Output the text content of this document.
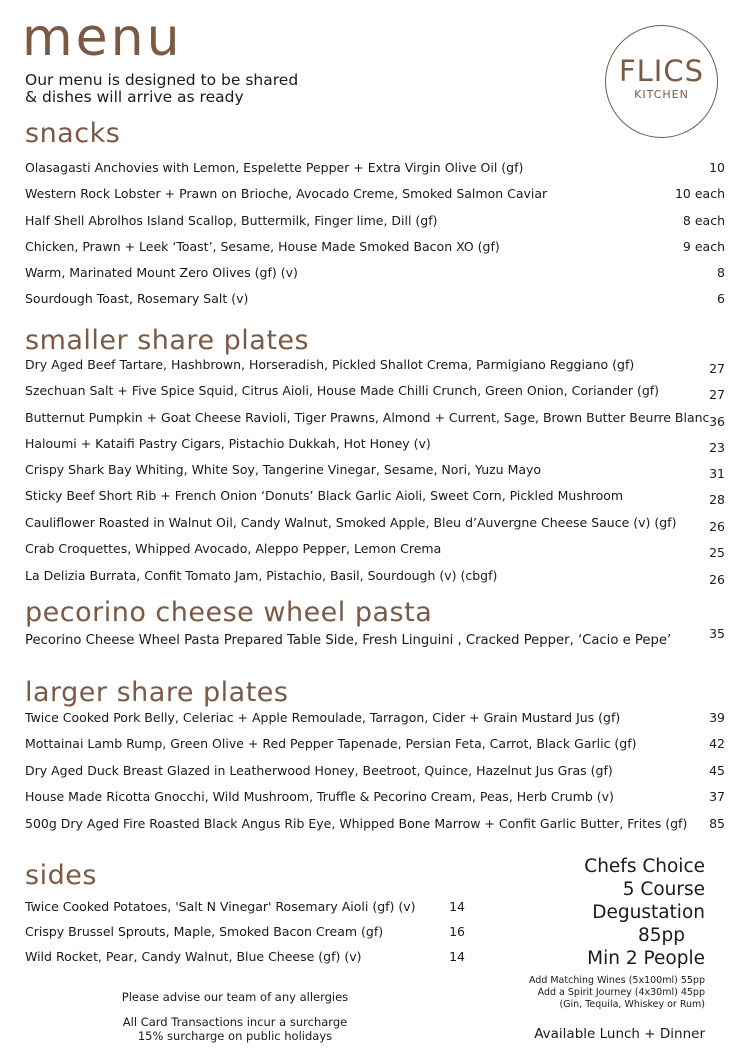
menu
Our menu is designed to be shared
& dishes will arrive as ready
FLICS
KITCHEN
snacks
Olasagasti Anchovies with Lemon, Espelette Pepper + Extra Virgin Olive Oil (gf)	10
Western Rock Lobster + Prawn on Brioche, Avocado Creme, Smoked Salmon Caviar	10 each
Half Shell Abrolhos Island Scallop, Buttermilk, Finger lime, Dill (gf)	8 each
Chicken, Prawn + Leek ‘Toast’, Sesame, House Made Smoked Bacon XO (gf)	9 each
Warm, Marinated Mount Zero Olives (gf) (v)	8
Sourdough Toast, Rosemary Salt (v)	6
smaller share plates
Dry Aged Beef Tartare, Hashbrown, Horseradish, Pickled Shallot Crema, Parmigiano Reggiano (gf)	27
Szechuan Salt + Five Spice Squid, Citrus Aioli, House Made Chilli Crunch, Green Onion, Coriander (gf)	27
Butternut Pumpkin + Goat Cheese Ravioli, Tiger Prawns, Almond + Current, Sage, Brown Butter Beurre Blanc 36
Haloumi + Kataifi Pastry Cigars, Pistachio Dukkah, Hot Honey (v)	23
Crispy Shark Bay Whiting, White Soy, Tangerine Vinegar, Sesame, Nori, Yuzu Mayo	31
Sticky Beef Short Rib + French Onion ‘Donuts’ Black Garlic Aioli, Sweet Corn, Pickled Mushroom	28
Cauliflower Roasted in Walnut Oil, Candy Walnut, Smoked Apple, Bleu d’Auvergne Cheese Sauce (v) (gf)	26
Crab Croquettes, Whipped Avocado, Aleppo Pepper, Lemon Crema	25
La Delizia Burrata, Confit Tomato Jam, Pistachio, Basil, Sourdough (v) (cbgf)	26
pecorino cheese wheel pasta
Pecorino Cheese Wheel Pasta Prepared Table Side, Fresh Linguini , Cracked Pepper, ‘Cacio e Pepe’	35
larger share plates
Twice Cooked Pork Belly, Celeriac + Apple Remoulade, Tarragon, Cider + Grain Mustard Jus (gf)	39
Mottainai Lamb Rump, Green Olive + Red Pepper Tapenade, Persian Feta, Carrot, Black Garlic (gf)	42
Dry Aged Duck Breast Glazed in Leatherwood Honey, Beetroot, Quince, Hazelnut Jus Gras (gf)	45
House Made Ricotta Gnocchi, Wild Mushroom, Truffle & Pecorino Cream, Peas, Herb Crumb (v)	37
500g Dry Aged Fire Roasted Black Angus Rib Eye, Whipped Bone Marrow + Confit Garlic Butter, Frites (gf) 85
sides
Twice Cooked Potatoes, 'Salt N Vinegar' Rosemary Aioli (gf) (v)	14
Crispy Brussel Sprouts, Maple, Smoked Bacon Cream (gf)	16
Wild Rocket, Pear, Candy Walnut, Blue Cheese (gf) (v)	14
Please advise our team of any allergies
All Card Transactions incur a surcharge
15% surcharge on public holidays
Chefs Choice
5 Course
Degustation
85pp
Min 2 People
Add Matching Wines (5x100ml) 55pp
Add a Spirit Journey (4x30ml) 45pp
(Gin, Tequila, Whiskey or Rum)
Available Lunch + Dinner
